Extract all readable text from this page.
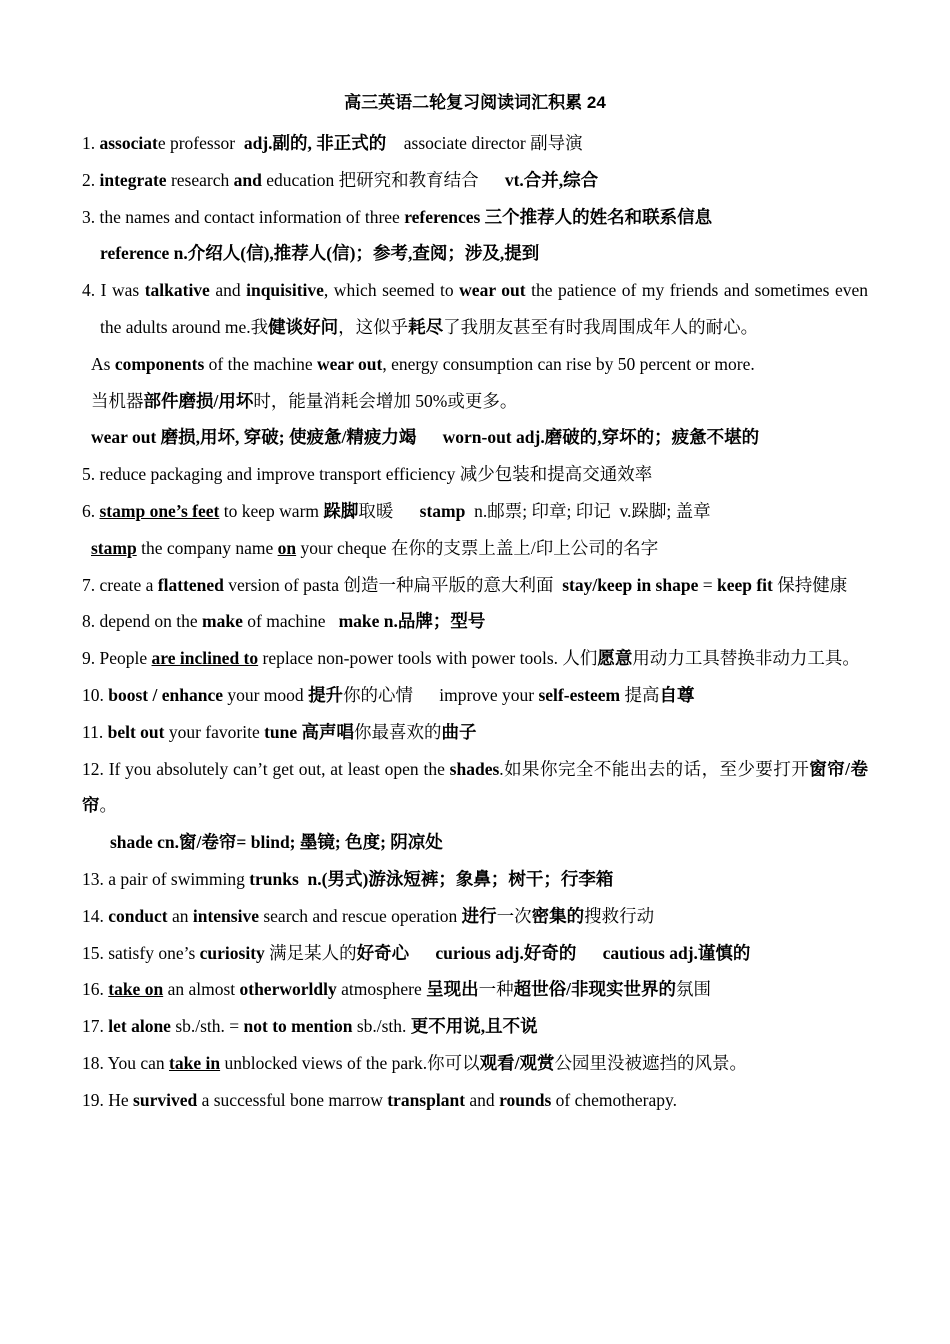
高三英语二轮复习阅读词汇积累 24
1. associate professor  adj.副的, 非正式的    associate director 副导演
2. integrate research and education 把研究和教育结合      vt.合并,综合
3. the names and contact information of three references 三个推荐人的姓名和联系信息
reference n.介绍人(信),推荐人(信)；参考,查阅；涉及,提到
4. I was talkative and inquisitive, which seemed to wear out the patience of my friends and sometimes even the adults around me.我健谈好问，这似乎耗尽了我朋友甚至有时我周围成年人的耐心。
As components of the machine wear out, energy consumption can rise by 50 percent or more.
当机器部件磨损/用坏时，能量消耗会增加 50%或更多。
wear out 磨损,用坏, 穿破; 使疲惫/精疲力竭      worn-out adj.磨破的,穿坏的；疲惫不堪的
5. reduce packaging and improve transport efficiency 减少包装和提高交通效率
6. stamp one’s feet to keep warm 跺脚取暖      stamp  n.邮票; 印章; 印记  v.跺脚; 盖章
stamp the company name on your cheque 在你的支票上盖上/印上公司的名字
7. create a flattened version of pasta 创造一种扁平版的意大利面  stay/keep in shape = keep fit 保持健康
8. depend on the make of machine   make n.品牌；型号
9. People are inclined to replace non-power tools with power tools. 人们愿意用动力工具替换非动力工具。
10. boost / enhance your mood 提升你的心情      improve your self-esteem 提高自尊
11. belt out your favorite tune 高声唱你最喜欢的曲子
12. If you absolutely can’t get out, at least open the shades.如果你完全不能出去的话，至少要打开窗帘/卷帘。
shade cn.窗/卷帘= blind; 墨镜; 色度; 阴凉处
13. a pair of swimming trunks  n.(男式)游泳短裤；象鼻；树干；行李箱
14. conduct an intensive search and rescue operation 进行一次密集的搜救行动
15. satisfy one’s curiosity 满足某人的好奇心 curious adj.好奇的      cautious adj.谨慎的
16. take on an almost otherworldly atmosphere 呈现出一种超世俗/非现实世界的氛围
17. let alone sb./sth. = not to mention sb./sth. 更不用说,且不说
18. You can take in unblocked views of the park.你可以观看/观赏公园里没被遮挡的风景。
19. He survived a successful bone marrow transplant and rounds of chemotherapy.
